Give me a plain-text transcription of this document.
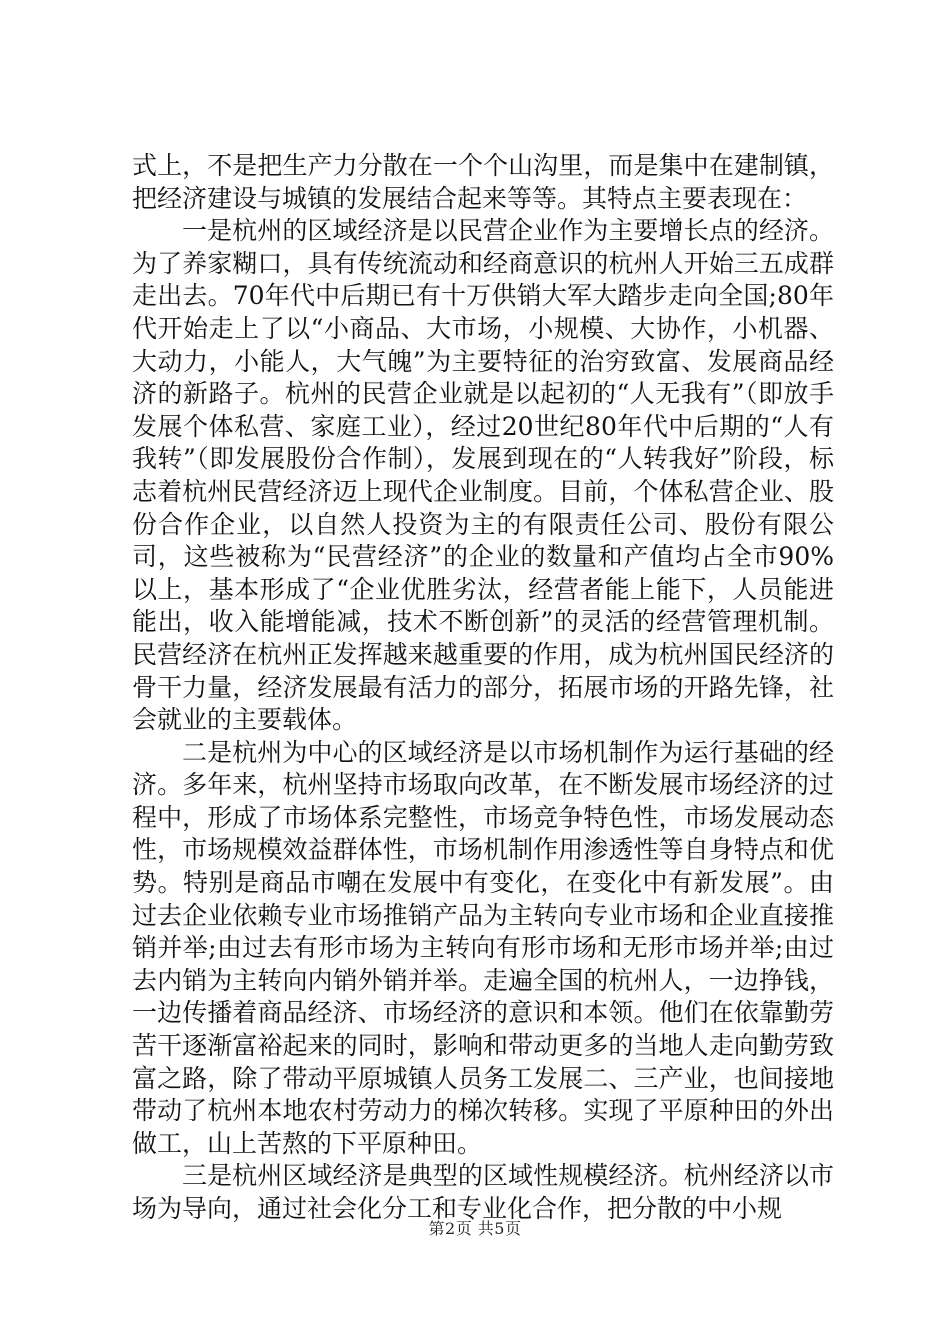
式上，不是把生产力分散在一个个山沟里，而是集中在建制镇，把经济建设与城镇的发展结合起来等等。其特点主要表现在：

一是杭州的区域经济是以民营企业作为主要增长点的经济。为了养家糊口，具有传统流动和经商意识的杭州人开始三五成群走出去。70年代中后期已有十万供销大军大踏步走向全国;80年代开始走上了以“小商品、大市场，小规模、大协作，小机器、大动力，小能人，大气魄”为主要特征的治穷致富、发展商品经济的新路子。杭州的民营企业就是以起初的“人无我有”（即放手发展个体私营、家庭工业），经过20世纪80年代中后期的“人有我转”（即发展股份合作制），发展到现在的“人转我好”阶段，标志着杭州民营经济迈上现代企业制度。目前，个体私营企业、股份合作企业，以自然人投资为主的有限责任公司、股份有限公司，这些被称为“民营经济”的企业的数量和产值均占全市90%以上，基本形成了“企业优胜劣汰，经营者能上能下，人员能进能出，收入能增能减，技术不断创新”的灵活的经营管理机制。民营经济在杭州正发挥越来越重要的作用，成为杭州国民经济的骨干力量，经济发展最有活力的部分，拓展市场的开路先锋，社会就业的主要载体。

二是杭州为中心的区域经济是以市场机制作为运行基础的经济。多年来，杭州坚持市场取向改革，在不断发展市场经济的过程中，形成了市场体系完整性，市场竞争特色性，市场发展动态性，市场规模效益群体性，市场机制作用渗透性等自身特点和优势。特别是商品市嘲在发展中有变化，在变化中有新发展”。由过去企业依赖专业市场推销产品为主转向专业市场和企业直接推销并举;由过去有形市场为主转向有形市场和无形市场并举;由过去内销为主转向内销外销并举。走遍全国的杭州人，一边挣钱，一边传播着商品经济、市场经济的意识和本领。他们在依靠勤劳苦干逐渐富裕起来的同时，影响和带动更多的当地人走向勤劳致富之路，除了带动平原城镇人员务工发展二、三产业，也间接地带动了杭州本地农村劳动力的梯次转移。实现了平原种田的外出做工，山上苦熬的下平原种田。

三是杭州区域经济是典型的区域性规模经济。杭州经济以市场为导向，通过社会化分工和专业化合作，把分散的中小规

第2页 共5页
